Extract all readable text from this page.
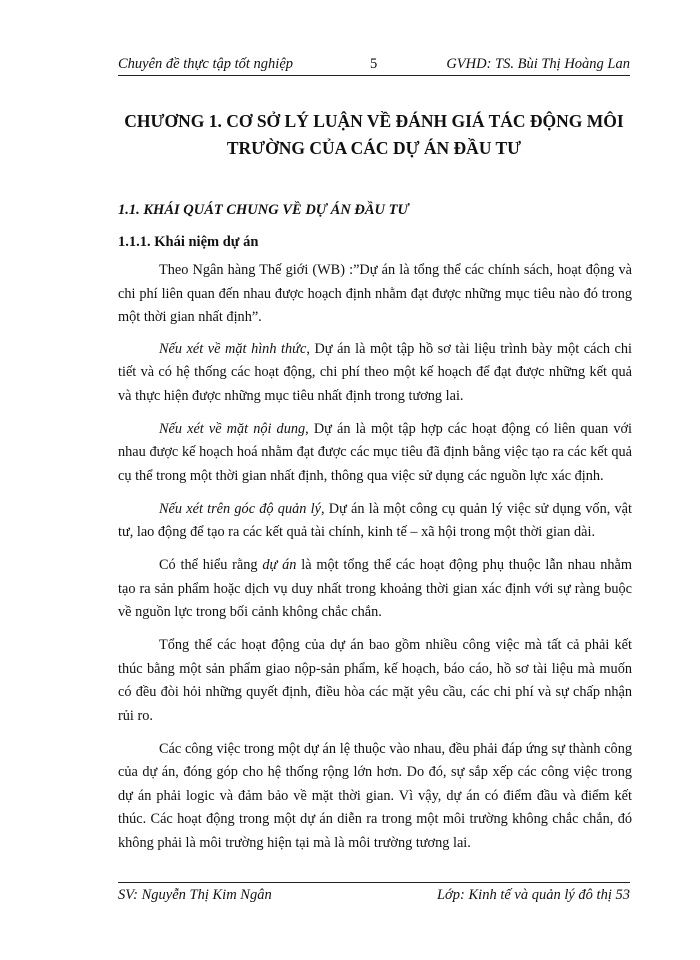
Chuyên đề thực tập tốt nghiệp	5	GVHD: TS. Bùi Thị Hoàng Lan
CHƯƠNG 1. CƠ SỞ LÝ LUẬN VỀ ĐÁNH GIÁ TÁC ĐỘNG MÔI
TRƯỜNG CỦA CÁC DỰ ÁN ĐẦU TƯ
1.1. KHÁI QUÁT CHUNG VỀ DỰ ÁN ĐẦU TƯ
1.1.1. Khái niệm dự án

Theo Ngân hàng Thế giới (WB) :”Dự án là tổng thể các chính sách, hoạt động và chi phí liên quan đến nhau được hoạch định nhằm đạt được những mục tiêu nào đó trong một thời gian nhất định”.

Nếu xét về mặt hình thức, Dự án là một tập hồ sơ tài liệu trình bày một cách chi tiết và có hệ thống các hoạt động, chi phí theo một kế hoạch để đạt được những kết quả và thực hiện được những mục tiêu nhất định trong tương lai.

Nếu xét về mặt nội dung, Dự án là một tập hợp các hoạt động có liên quan với nhau được kế hoạch hoá nhằm đạt được các mục tiêu đã định bằng việc tạo ra các kết quả cụ thể trong một thời gian nhất định, thông qua việc sử dụng các nguồn lực xác định.

Nếu xét trên góc độ quản lý, Dự án là một công cụ quản lý việc sử dụng vốn, vật tư, lao động để tạo ra các kết quả tài chính, kinh tế – xã hội trong một thời gian dài.

Có thể hiểu rằng dự án là một tổng thể các hoạt động phụ thuộc lẫn nhau nhằm tạo ra sản phẩm hoặc dịch vụ duy nhất trong khoảng thời gian xác định với sự ràng buộc về nguồn lực trong bối cảnh không chắc chắn.

Tổng thể các hoạt động của dự án bao gồm nhiều công việc mà tất cả phải kết thúc bằng một sản phẩm giao nộp-sản phẩm, kế hoạch, báo cáo, hồ sơ tài liệu mà muốn có đều đòi hỏi những quyết định, điều hòa các mặt yêu cầu, các chi phí và sự chấp nhận rủi ro.

Các công việc trong một dự án lệ thuộc vào nhau, đều phải đáp ứng sự thành công của dự án, đóng góp cho hệ thống rộng lớn hơn. Do đó, sự sắp xếp các công việc trong dự án phải logic và đảm bảo về mặt thời gian. Vì vậy, dự án có điểm đầu và điểm kết thúc. Các hoạt động trong một dự án diễn ra trong một môi trường không chắc chắn, đó không phải là môi trường hiện tại mà là môi trường tương lai.

SV: Nguyễn Thị Kim Ngân	Lớp: Kinh tế và quản lý đô thị 53
